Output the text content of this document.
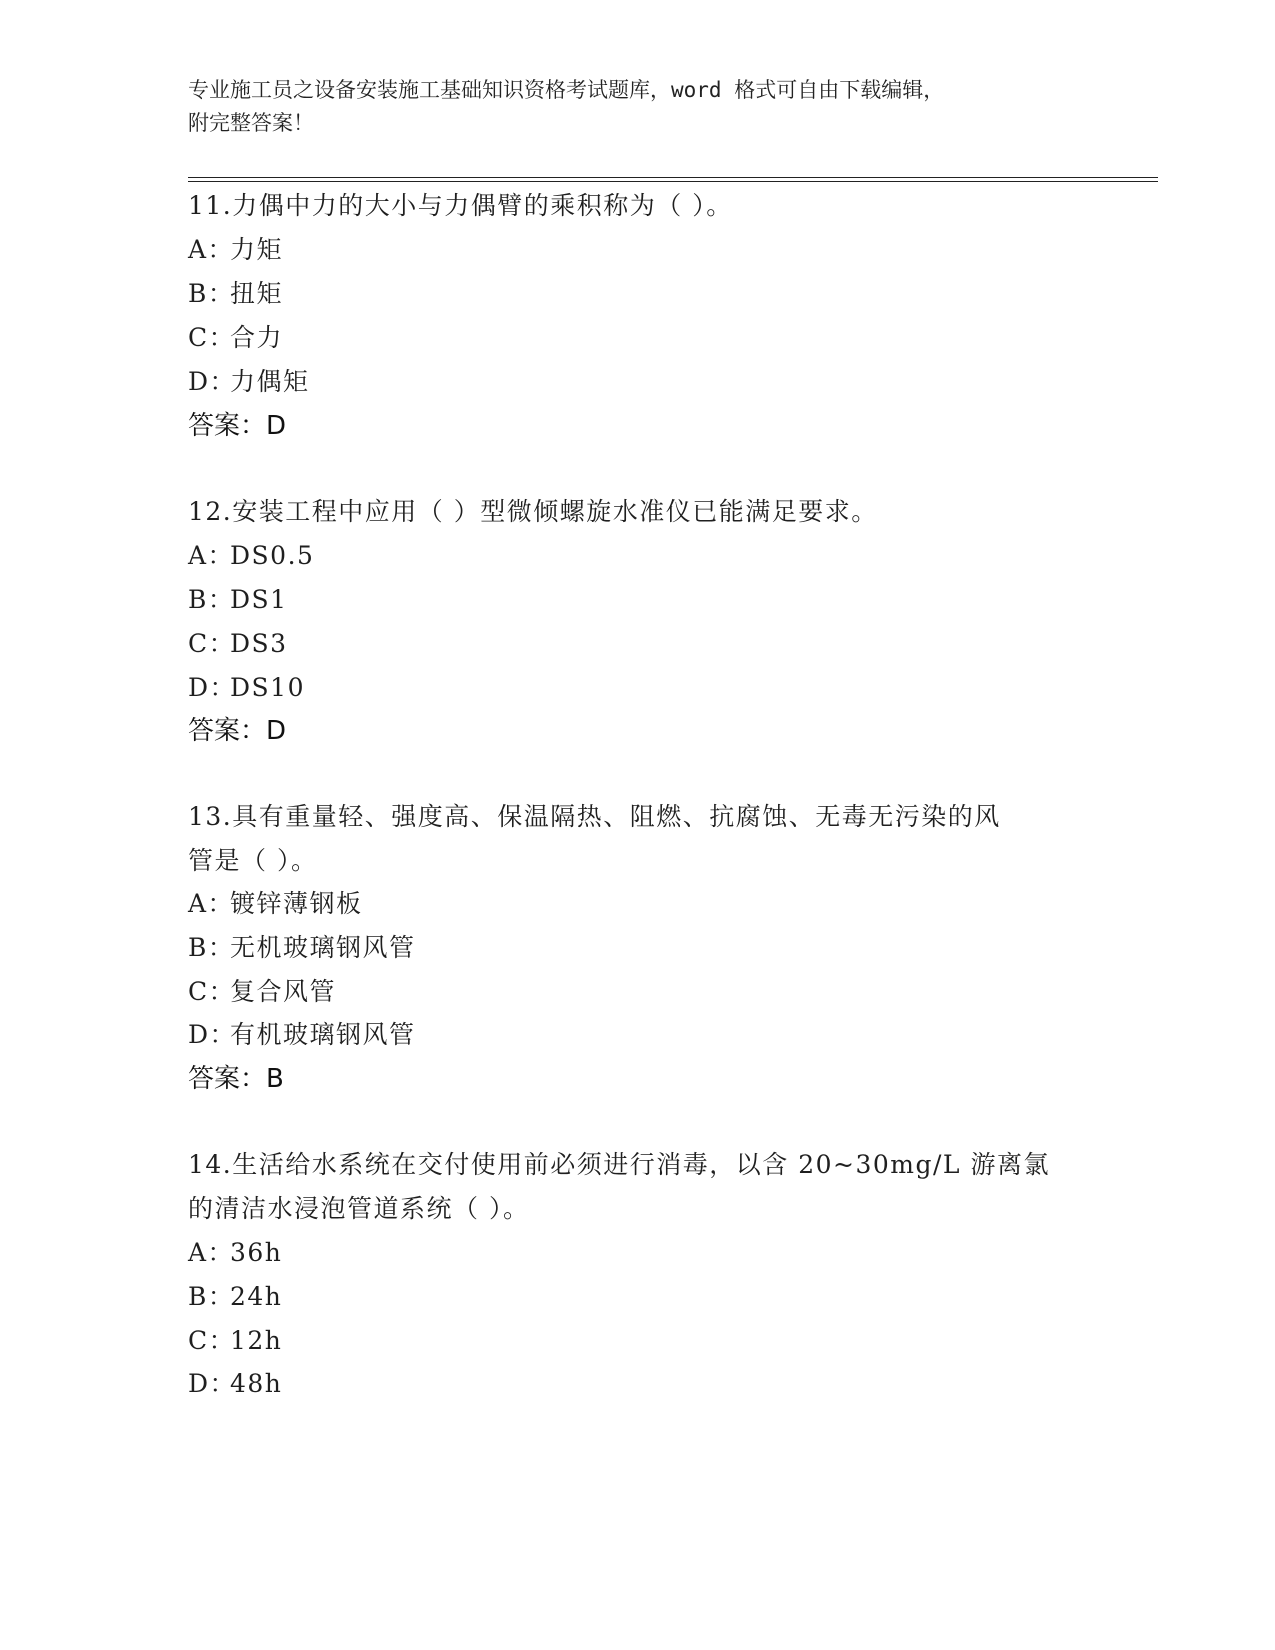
专业施工员之设备安装施工基础知识资格考试题库，word 格式可自由下载编辑，
附完整答案！
11.力偶中力的大小与力偶臂的乘积称为（ ）。
A：力矩
B：扭矩
C：合力
D：力偶矩
答案：D
12.安装工程中应用（ ）型微倾螺旋水准仪已能满足要求。
A：DS0.5
B：DS1
C：DS3
D：DS10
答案：D
13.具有重量轻、强度高、保温隔热、阻燃、抗腐蚀、无毒无污染的风
管是（ ）。
A：镀锌薄钢板
B：无机玻璃钢风管
C：复合风管
D：有机玻璃钢风管
答案：B
14.生活给水系统在交付使用前必须进行消毒，以含 20~30mg/L 游离氯
的清洁水浸泡管道系统（ ）。
A：36h
B：24h
C：12h
D：48h
